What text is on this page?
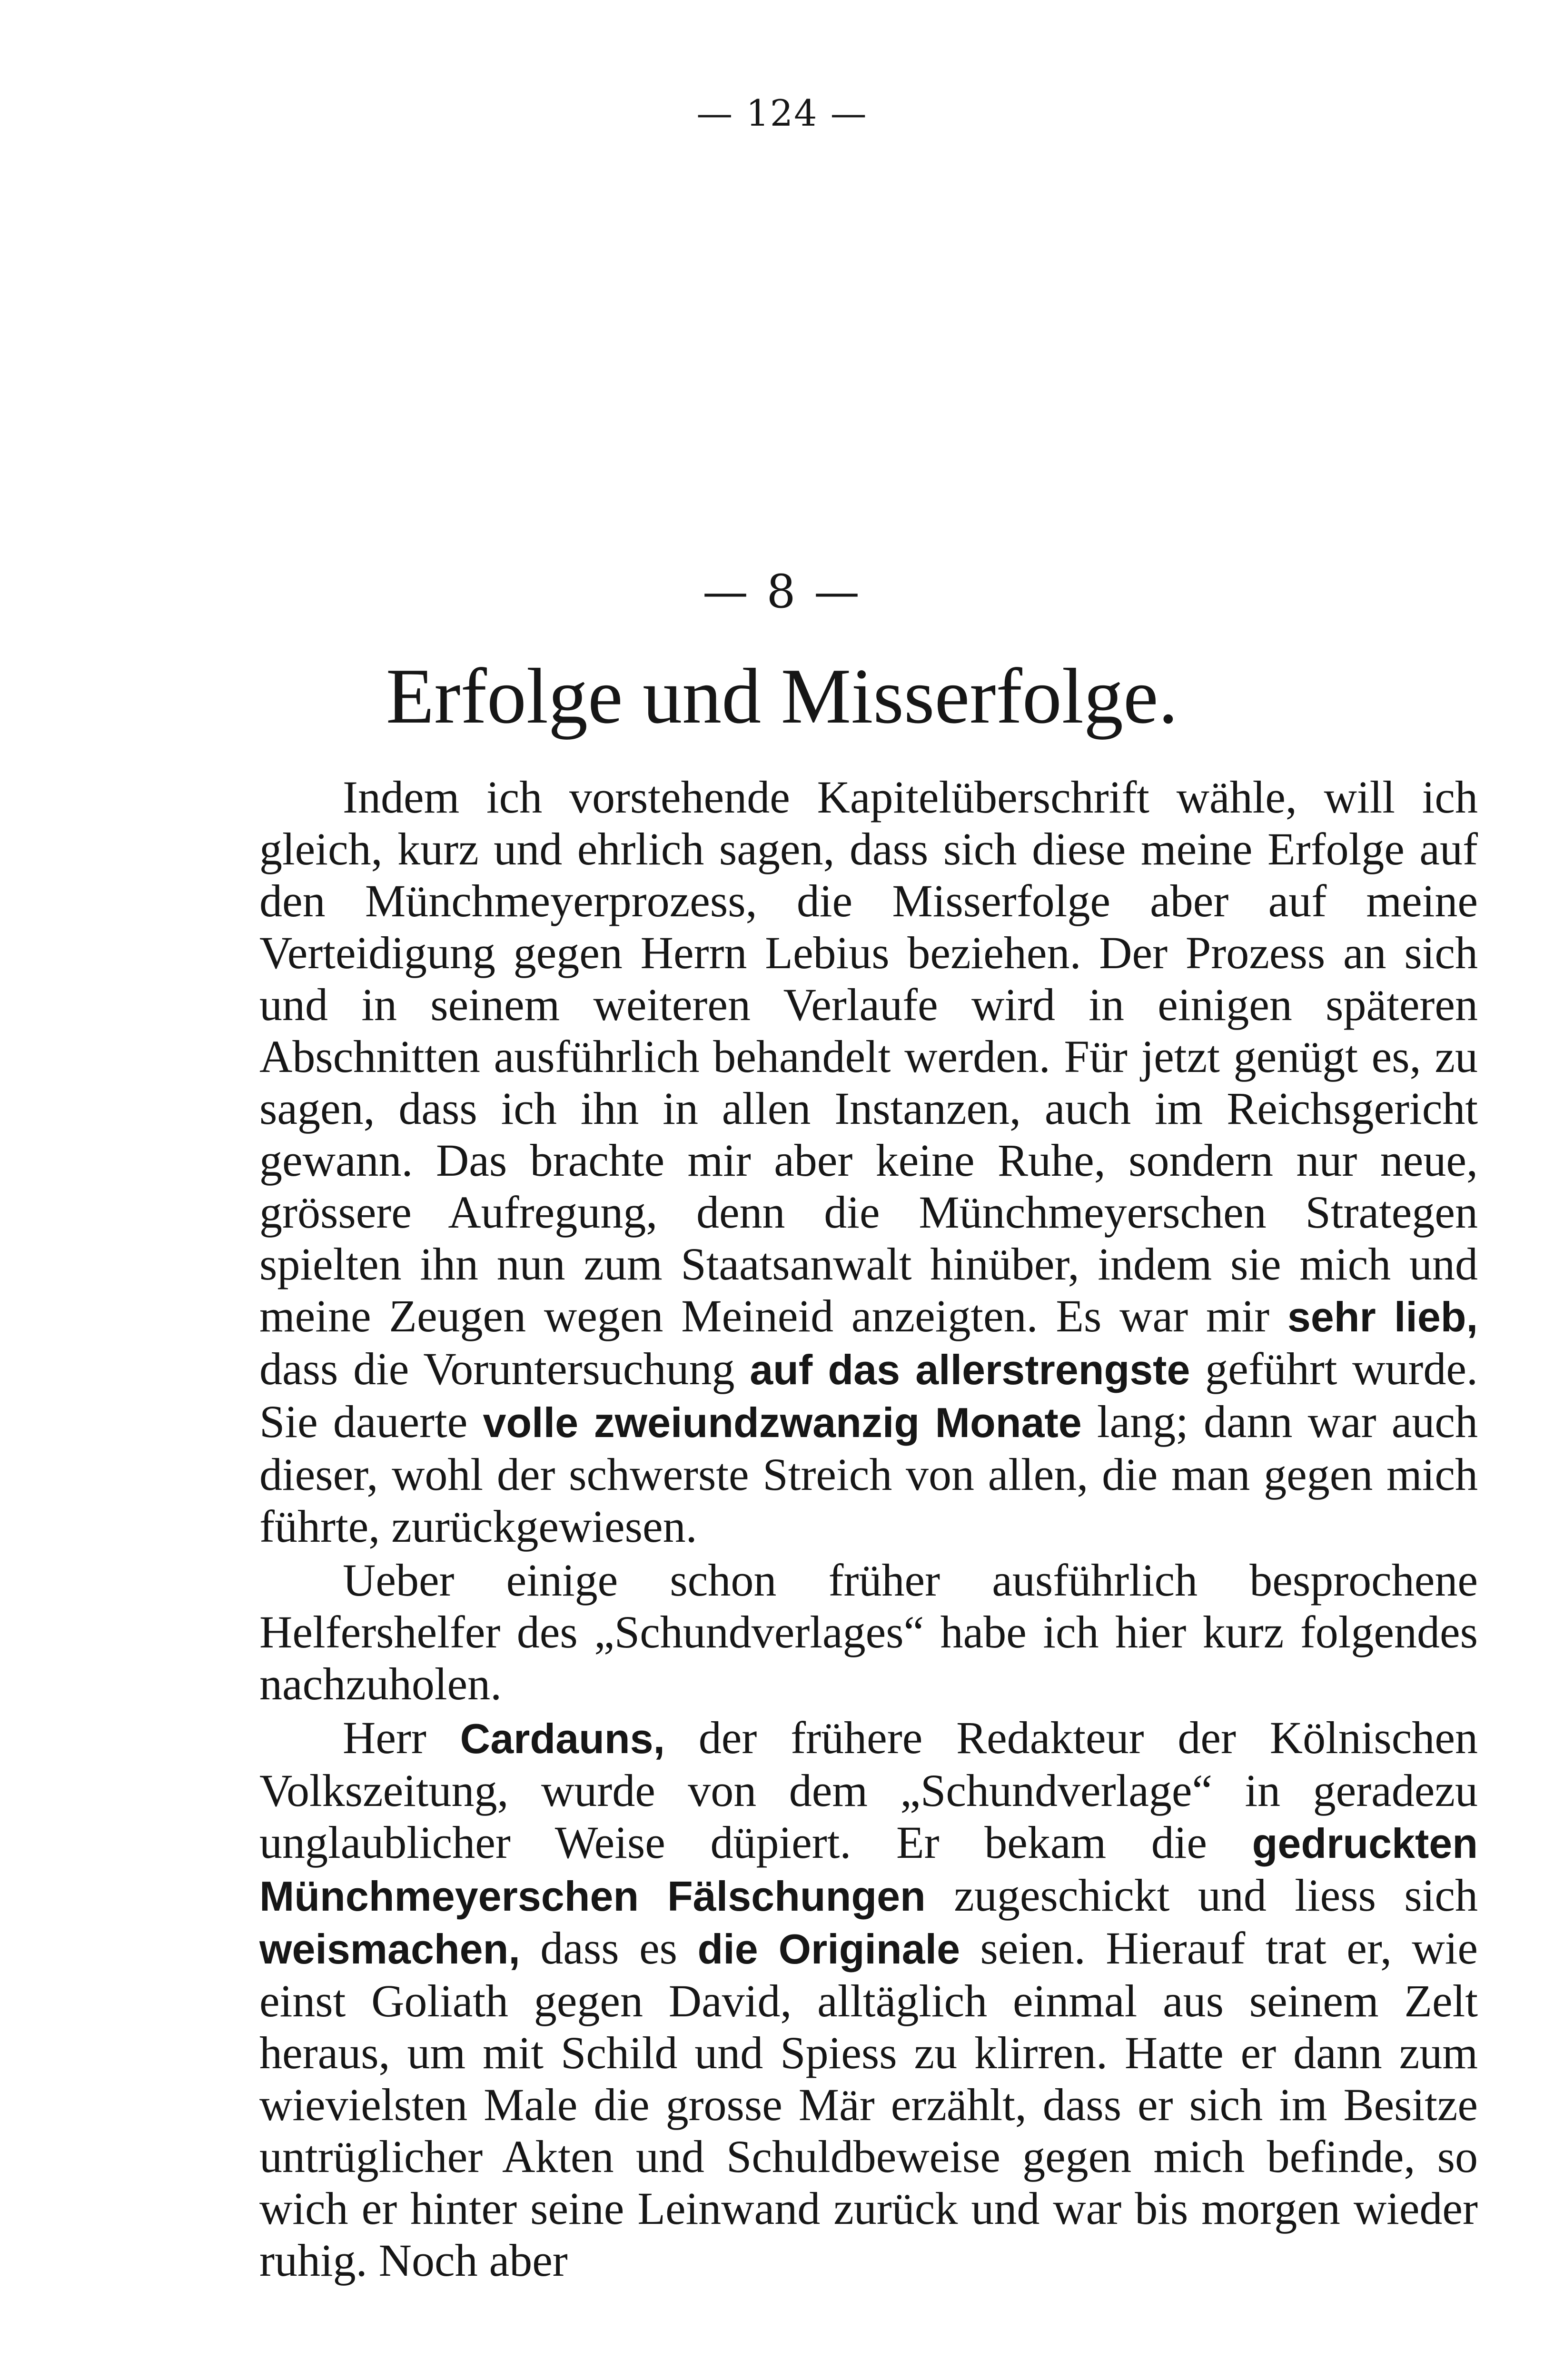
— 124 —
— 8 —
Erfolge und Misserfolge.

Indem ich vorstehende Kapitelüberschrift wähle, will ich gleich, kurz und ehrlich sagen, dass sich diese meine Erfolge auf den Münchmeyerprozess, die Misserfolge aber auf meine Verteidigung gegen Herrn Lebius beziehen. Der Prozess an sich und in seinem weiteren Verlaufe wird in einigen späteren Abschnitten ausführlich behandelt werden. Für jetzt genügt es, zu sagen, dass ich ihn in allen Instanzen, auch im Reichsgericht gewann. Das brachte mir aber keine Ruhe, sondern nur neue, grössere Aufregung, denn die Münchmeyerschen Strategen spielten ihn nun zum Staatsanwalt hinüber, indem sie mich und meine Zeugen wegen Meineid anzeigten. Es war mir sehr lieb, dass die Voruntersuchung auf das allerstrengste geführt wurde. Sie dauerte volle zweiundzwanzig Monate lang; dann war auch dieser, wohl der schwerste Streich von allen, die man gegen mich führte, zurückgewiesen.

Ueber einige schon früher ausführlich besprochene Helfershelfer des „Schundverlages“ habe ich hier kurz folgendes nachzuholen.

Herr Cardauns, der frühere Redakteur der Kölnischen Volkszeitung, wurde von dem „Schundverlage“ in geradezu unglaublicher Weise düpiert. Er bekam die gedruckten Münchmeyerschen Fälschungen zugeschickt und liess sich weismachen, dass es die Originale seien. Hierauf trat er, wie einst Goliath gegen David, alltäglich einmal aus seinem Zelt heraus, um mit Schild und Spiess zu klirren. Hatte er dann zum wievielsten Male die grosse Mär erzählt, dass er sich im Besitze untrüglicher Akten und Schuldbeweise gegen mich befinde, so wich er hinter seine Leinwand zurück und war bis morgen wieder ruhig. Noch aber
